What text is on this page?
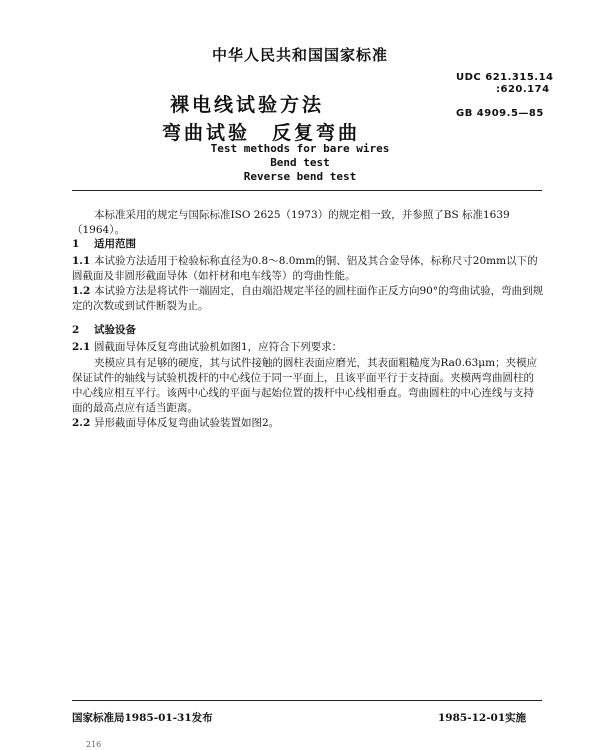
中华人民共和国国家标准
UDC 621.315.14
:620.174
GB 4909.5—85
裸电线试验方法
弯曲试验 反复弯曲
Test methods for bare wires
Bend test
Reverse bend test
本标准采用的规定与国际标准ISO 2625（1973）的规定相一致，并参照了BS 标准1639（1964）。
1 适用范围
1.1 本试验方法适用于检验标称直径为0.8～8.0mm的铜、铝及其合金导体，标称尺寸20mm以下的圆截面及非圆形截面导体（如杆材和电车线等）的弯曲性能。
1.2 本试验方法是将试件一端固定，自由端沿规定半径的圆柱面作正反方向90°的弯曲试验，弯曲到规定的次数或到试件断裂为止。
2 试验设备
2.1 圆截面导体反复弯曲试验机如图1，应符合下列要求：
夹模应具有足够的硬度，其与试件接触的圆柱表面应磨光，其表面粗糙度为Ra0.63μm；夹模应保证试件的轴线与试验机拨杆的中心线位于同一平面上，且该平面平行于支持面。夹模两弯曲圆柱的中心线应相互平行。该两中心线的平面与起始位置的拨杆中心线相垂直。弯曲圆柱的中心连线与支持面的最高点应有适当距离。
2.2 异形截面导体反复弯曲试验装置如图2。
国家标准局1985-01-31发布	1985-12-01实施
216
